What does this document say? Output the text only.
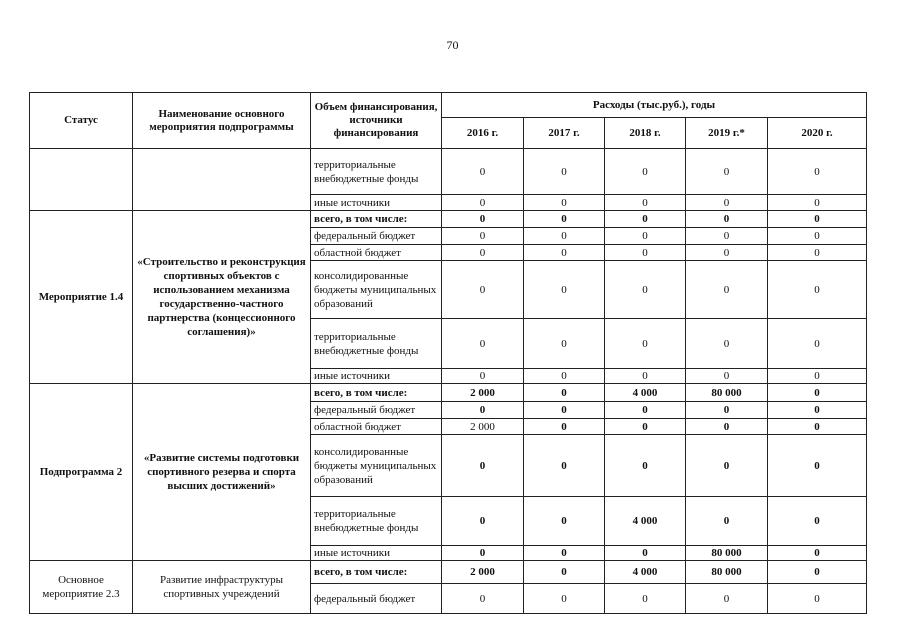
70
Статус	Наименование основного мероприятия подпрограммы	Объем финансирования, источники финансирования	Расходы (тыс.руб.), годы				
			2016 г.	2017 г.	2018 г.	2019 г.*	2020 г.
		территориальные внебюджетные фонды	0	0	0	0	0
		иные источники	0	0	0	0	0
Мероприятие 1.4	«Строительство и реконструкция спортивных объектов с использованием механизма государственно-частного партнерства (концессионного соглашения)»	всего, в том числе:	0	0	0	0	0
		федеральный бюджет	0	0	0	0	0
		областной бюджет	0	0	0	0	0
		консолидированные бюджеты муниципальных образований	0	0	0	0	0
		территориальные внебюджетные фонды	0	0	0	0	0
		иные источники	0	0	0	0	0
Подпрограмма 2	«Развитие системы подготовки спортивного резерва и спорта высших достижений»	всего, в том числе:	2 000	0	4 000	80 000	0
		федеральный бюджет	0	0	0	0	0
		областной бюджет	2 000	0	0	0	0
		консолидированные бюджеты муниципальных образований	0	0	0	0	0
		территориальные внебюджетные фонды	0	0	4 000	0	0
		иные источники	0	0	0	80 000	0
Основное мероприятие 2.3	Развитие инфраструктуры спортивных учреждений	всего, в том числе:	2 000	0	4 000	80 000	0
		федеральный бюджет	0	0	0	0	0
